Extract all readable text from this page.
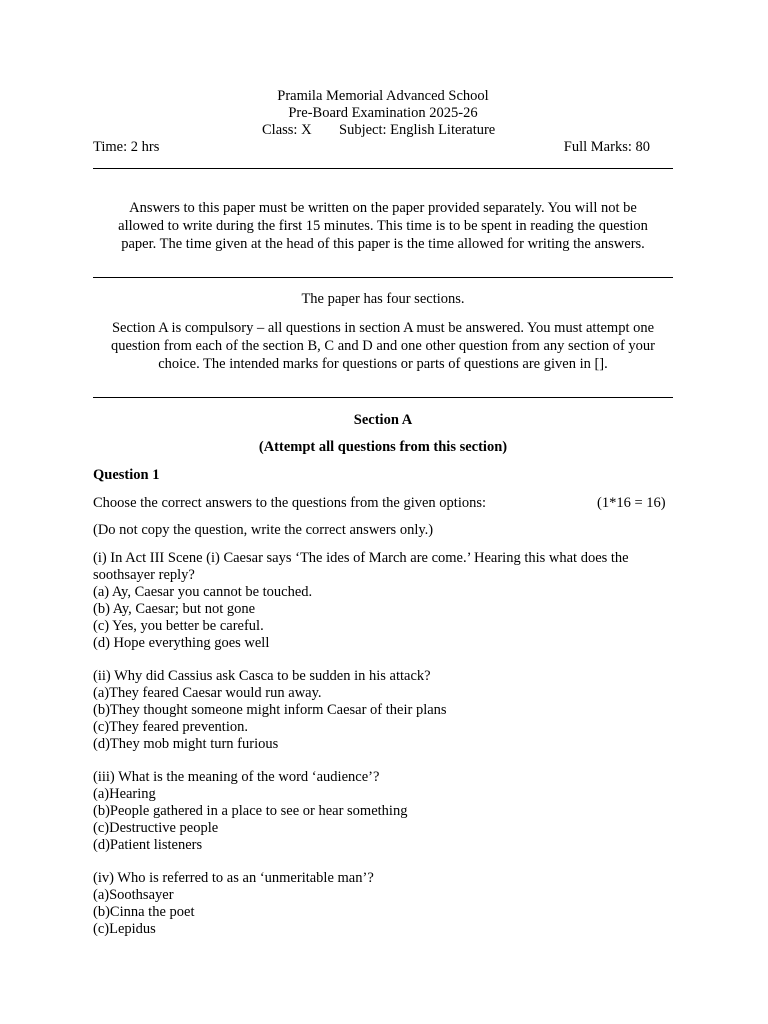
Pramila Memorial Advanced School
Pre-Board Examination 2025-26
Class: X Subject: English Literature
Time: 2 hrs	Full Marks: 80
Answers to this paper must be written on the paper provided separately. You will not be
allowed to write during the first 15 minutes. This time is to be spent in reading the question
paper. The time given at the head of this paper is the time allowed for writing the answers.
The paper has four sections.
Section A is compulsory – all questions in section A must be answered. You must attempt one
question from each of the section B, C and D and one other question from any section of your
choice. The intended marks for questions or parts of questions are given in [].
Section A
(Attempt all questions from this section)
Question 1
Choose the correct answers to the questions from the given options:	(1*16 = 16)
(Do not copy the question, write the correct answers only.)
(i) In Act III Scene (i) Caesar says ‘The ides of March are come.’ Hearing this what does the
soothsayer reply?
(a) Ay, Caesar you cannot be touched.
(b) Ay, Caesar; but not gone
(c) Yes, you better be careful.
(d) Hope everything goes well
(ii) Why did Cassius ask Casca to be sudden in his attack?
(a)They feared Caesar would run away.
(b)They thought someone might inform Caesar of their plans
(c)They feared prevention.
(d)They mob might turn furious
(iii) What is the meaning of the word ‘audience’?
(a)Hearing
(b)People gathered in a place to see or hear something
(c)Destructive people
(d)Patient listeners
(iv) Who is referred to as an ‘unmeritable man’?
(a)Soothsayer
(b)Cinna the poet
(c)Lepidus
